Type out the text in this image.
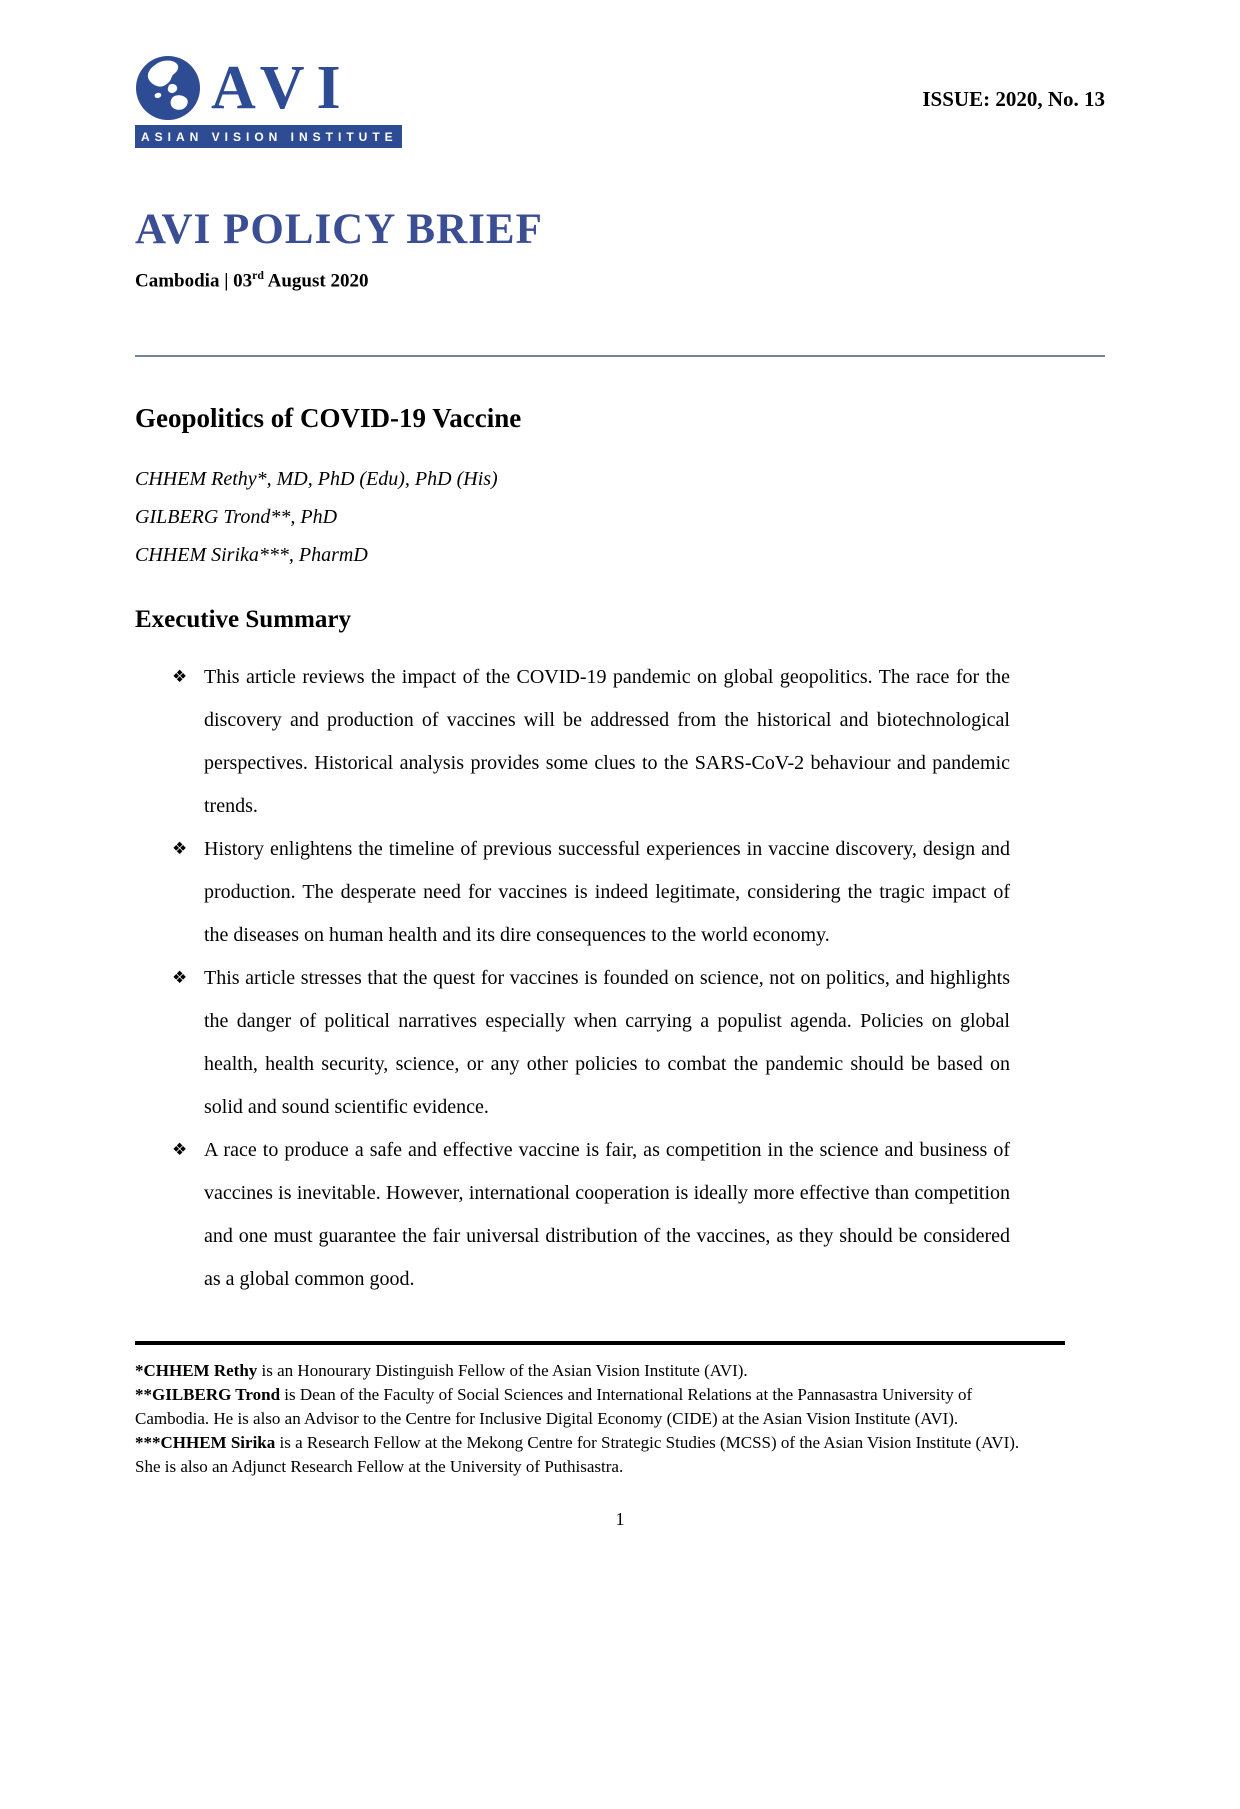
AVI
ASIAN VISION INSTITUTE
ISSUE: 2020, No. 13
AVI POLICY BRIEF
Cambodia | 03rd August 2020
Geopolitics of COVID-19 Vaccine
CHHEM Rethy*, MD, PhD (Edu), PhD (His)
GILBERG Trond**, PhD
CHHEM Sirika***, PharmD
Executive Summary
❖ This article reviews the impact of the COVID-19 pandemic on global geopolitics. The race for the discovery and production of vaccines will be addressed from the historical and biotechnological perspectives. Historical analysis provides some clues to the SARS-CoV-2 behaviour and pandemic trends.
❖ History enlightens the timeline of previous successful experiences in vaccine discovery, design and production. The desperate need for vaccines is indeed legitimate, considering the tragic impact of the diseases on human health and its dire consequences to the world economy.
❖ This article stresses that the quest for vaccines is founded on science, not on politics, and highlights the danger of political narratives especially when carrying a populist agenda. Policies on global health, health security, science, or any other policies to combat the pandemic should be based on solid and sound scientific evidence.
❖ A race to produce a safe and effective vaccine is fair, as competition in the science and business of vaccines is inevitable. However, international cooperation is ideally more effective than competition and one must guarantee the fair universal distribution of the vaccines, as they should be considered as a global common good.

*CHHEM Rethy is an Honourary Distinguish Fellow of the Asian Vision Institute (AVI).

**GILBERG Trond is Dean of the Faculty of Social Sciences and International Relations at the Pannasastra University of Cambodia. He is also an Advisor to the Centre for Inclusive Digital Economy (CIDE) at the Asian Vision Institute (AVI).

***CHHEM Sirika is a Research Fellow at the Mekong Centre for Strategic Studies (MCSS) of the Asian Vision Institute (AVI). She is also an Adjunct Research Fellow at the University of Puthisastra.

1
